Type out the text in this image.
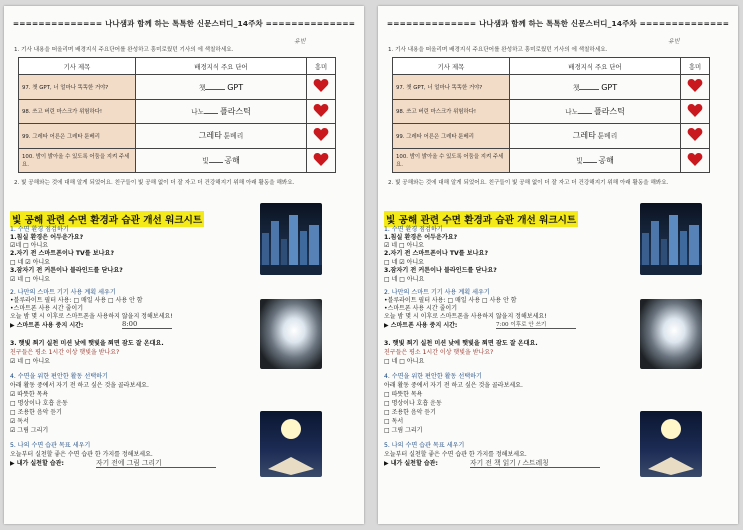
============== 나나샘과 함께 하는 톡톡한 신문스터디_14주차 ==============
1. 기사 내용을 떠올리며 배경지식 주요단어를 완성하고 흥미로웠던 기사의 에 색칠하세요.
유빈
기사 제목	배경지식 주요 단어	흥미
97. 챗 GPT, 너 얼마나 똑똑한 거야?	챗 GPT	
98. 쓰고 버린 마스크가 위험하다!	나노 플라스틱	
99. 그레타 어른은 그레타 툰베리	그레타 툰베리	
100. 밤이 밝아올 수 있도록 어둠을 지켜 주세요.	빛 공해	
2. 빛 공해와는 것에 대해 알게 되었어요. 친구들이 빛 공해 없이 더 잘 자고 더 건강해지기 위해 아래 활동을 해봐요.
빛 공해 관련 수면 환경과 습관 개선 워크시트
1. 수면 환경 점검하기
1.침실 환경은 어두운가요?
☑네 □ 아니요
2.자기 전 스마트폰이나 TV를 보나요?
□ 네 ☑ 아니요
3.잠자기 전 커튼이나 블라인드를 닫나요?
☑ 네 □ 아니요
2. 나만의 스마트 기기 사용 계획 세우기
•블루라이트 필터 사용: □ 매일 사용 □ 사용 안 함
•스마트폰 사용 시간 줄이기
오늘 밤 몇 시 이후로 스마트폰을 사용하지 않을지 정해보세요!
▶ 스마트폰 사용 중지 시간:	8:00
3. 햇빛 쬐기 실천 미션 낮에 햇빛을 쬐면 잠도 잘 온대요.
친구들은 평소 1시간 이상 햇빛을 받나요?
☑ 네 □ 아니요
4. 수면을 위한 편안한 활동 선택하기
아래 활동 중에서 자기 전 하고 싶은 것을 골라보세요.
☑ 따뜻한 목욕
□ 명상이나 호흡 운동
□ 조용한 음악 듣기
☑ 독서
☑ 그림 그리기
5. 나의 수면 습관 목표 세우기
오늘부터 실천할 좋은 수면 습관 한 가지를 정해보세요.
▶ 내가 실천할 습관:	자기 전에 그림 그리기
============== 나나샘과 함께 하는 톡톡한 신문스터디_14주차 ==============
1. 기사 내용을 떠올리며 배경지식 주요단어를 완성하고 흥미로웠던 기사의 에 색칠하세요.
유빈
기사 제목	배경지식 주요 단어	흥미
97. 챗 GPT, 너 얼마나 똑똑한 거야?	챗 GPT	
98. 쓰고 버린 마스크가 위험하다!	나노 플라스틱	
99. 그레타 어른은 그레타 툰베리	그레타 툰베리	
100. 밤이 밝아올 수 있도록 어둠을 지켜 주세요.	빛 공해	
2. 빛 공해와는 것에 대해 알게 되었어요. 친구들이 빛 공해 없이 더 잘 자고 더 건강해지기 위해 아래 활동을 해봐요.
빛 공해 관련 수면 환경과 습관 개선 워크시트
1. 수면 환경 점검하기
1.침실 환경은 어두운가요?
☑ 네 □ 아니요
2.자기 전 스마트폰이나 TV를 보나요?
□ 네 ☑ 아니요
3.잠자기 전 커튼이나 블라인드를 닫나요?
□ 네 □ 아니요
2. 나만의 스마트 기기 사용 계획 세우기
•블루라이트 필터 사용: □ 매일 사용 □ 사용 안 함
•스마트폰 사용 시간 줄이기
오늘 밤 몇 시 이후로 스마트폰을 사용하지 않을지 정해보세요!
▶ 스마트폰 사용 중지 시간:	7:00 이후로 안 쓰기
3. 햇빛 쬐기 실천 미션 낮에 햇빛을 쬐면 잠도 잘 온대요.
친구들은 평소 1시간 이상 햇빛을 받나요?
□ 네 □ 아니요
4. 수면을 위한 편안한 활동 선택하기
아래 활동 중에서 자기 전 하고 싶은 것을 골라보세요.
□ 따뜻한 목욕
□ 명상이나 호흡 운동
□ 조용한 음악 듣기
□ 독서
□ 그림 그리기
5. 나의 수면 습관 목표 세우기
오늘부터 실천할 좋은 수면 습관 한 가지를 정해보세요.
▶ 내가 실천할 습관:	자기 전 책 읽기 / 스트레칭
